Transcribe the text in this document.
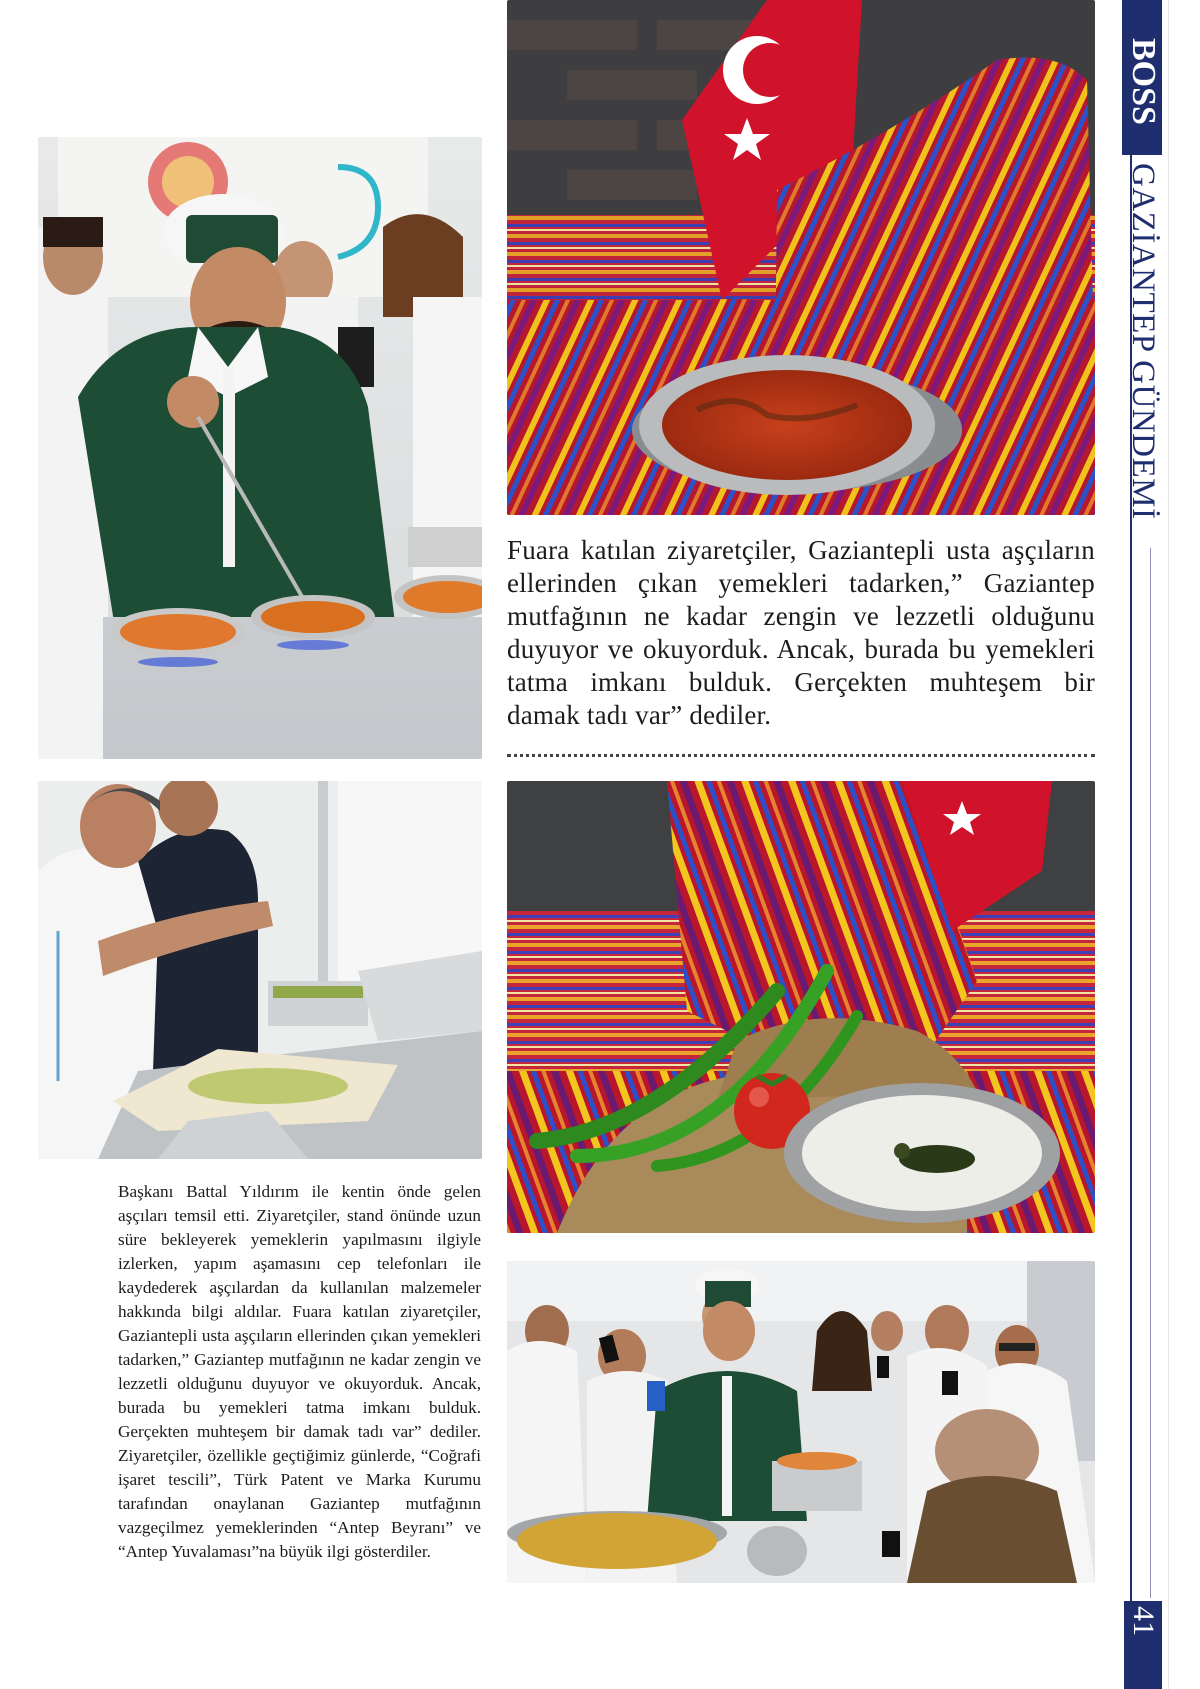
Fuara katılan ziyaretçiler, Gaziantepli usta aşçıların ellerinden çıkan yemekleri tadarken,” Gaziantep mutfağının ne kadar zengin ve lezzetli olduğunu duyuyor ve okuyorduk. Ancak, burada bu yemekleri tatma imkanı bulduk. Gerçekten muhteşem bir damak tadı var” dediler.
Başkanı Battal Yıldırım ile kentin önde gelen aşçıları temsil etti. Ziyaretçiler, stand önünde uzun süre bekleyerek yemeklerin yapılmasını ilgiyle izlerken, yapım aşamasını cep telefonları ile kaydederek aşçılardan da kullanılan malzemeler hakkında bilgi aldılar. Fuara katılan ziyaretçiler, Gaziantepli usta aşçıların ellerinden çıkan yemekleri tadarken,” Gaziantep mutfağının ne kadar zengin ve lezzetli olduğunu duyuyor ve okuyorduk. Ancak, burada bu yemekleri tatma imkanı bulduk. Gerçekten muhteşem bir damak tadı var” dediler. Ziyaretçiler, özellikle geçtiğimiz günlerde, “Coğrafi işaret tescili”, Türk Patent ve Marka Kurumu tarafından onaylanan Gaziantep mutfağının vazgeçilmez yemeklerinden “Antep Beyranı” ve “Antep Yuvalaması”na büyük ilgi gösterdiler.
BOSS
GAZİANTEP GÜNDEMİ
41
